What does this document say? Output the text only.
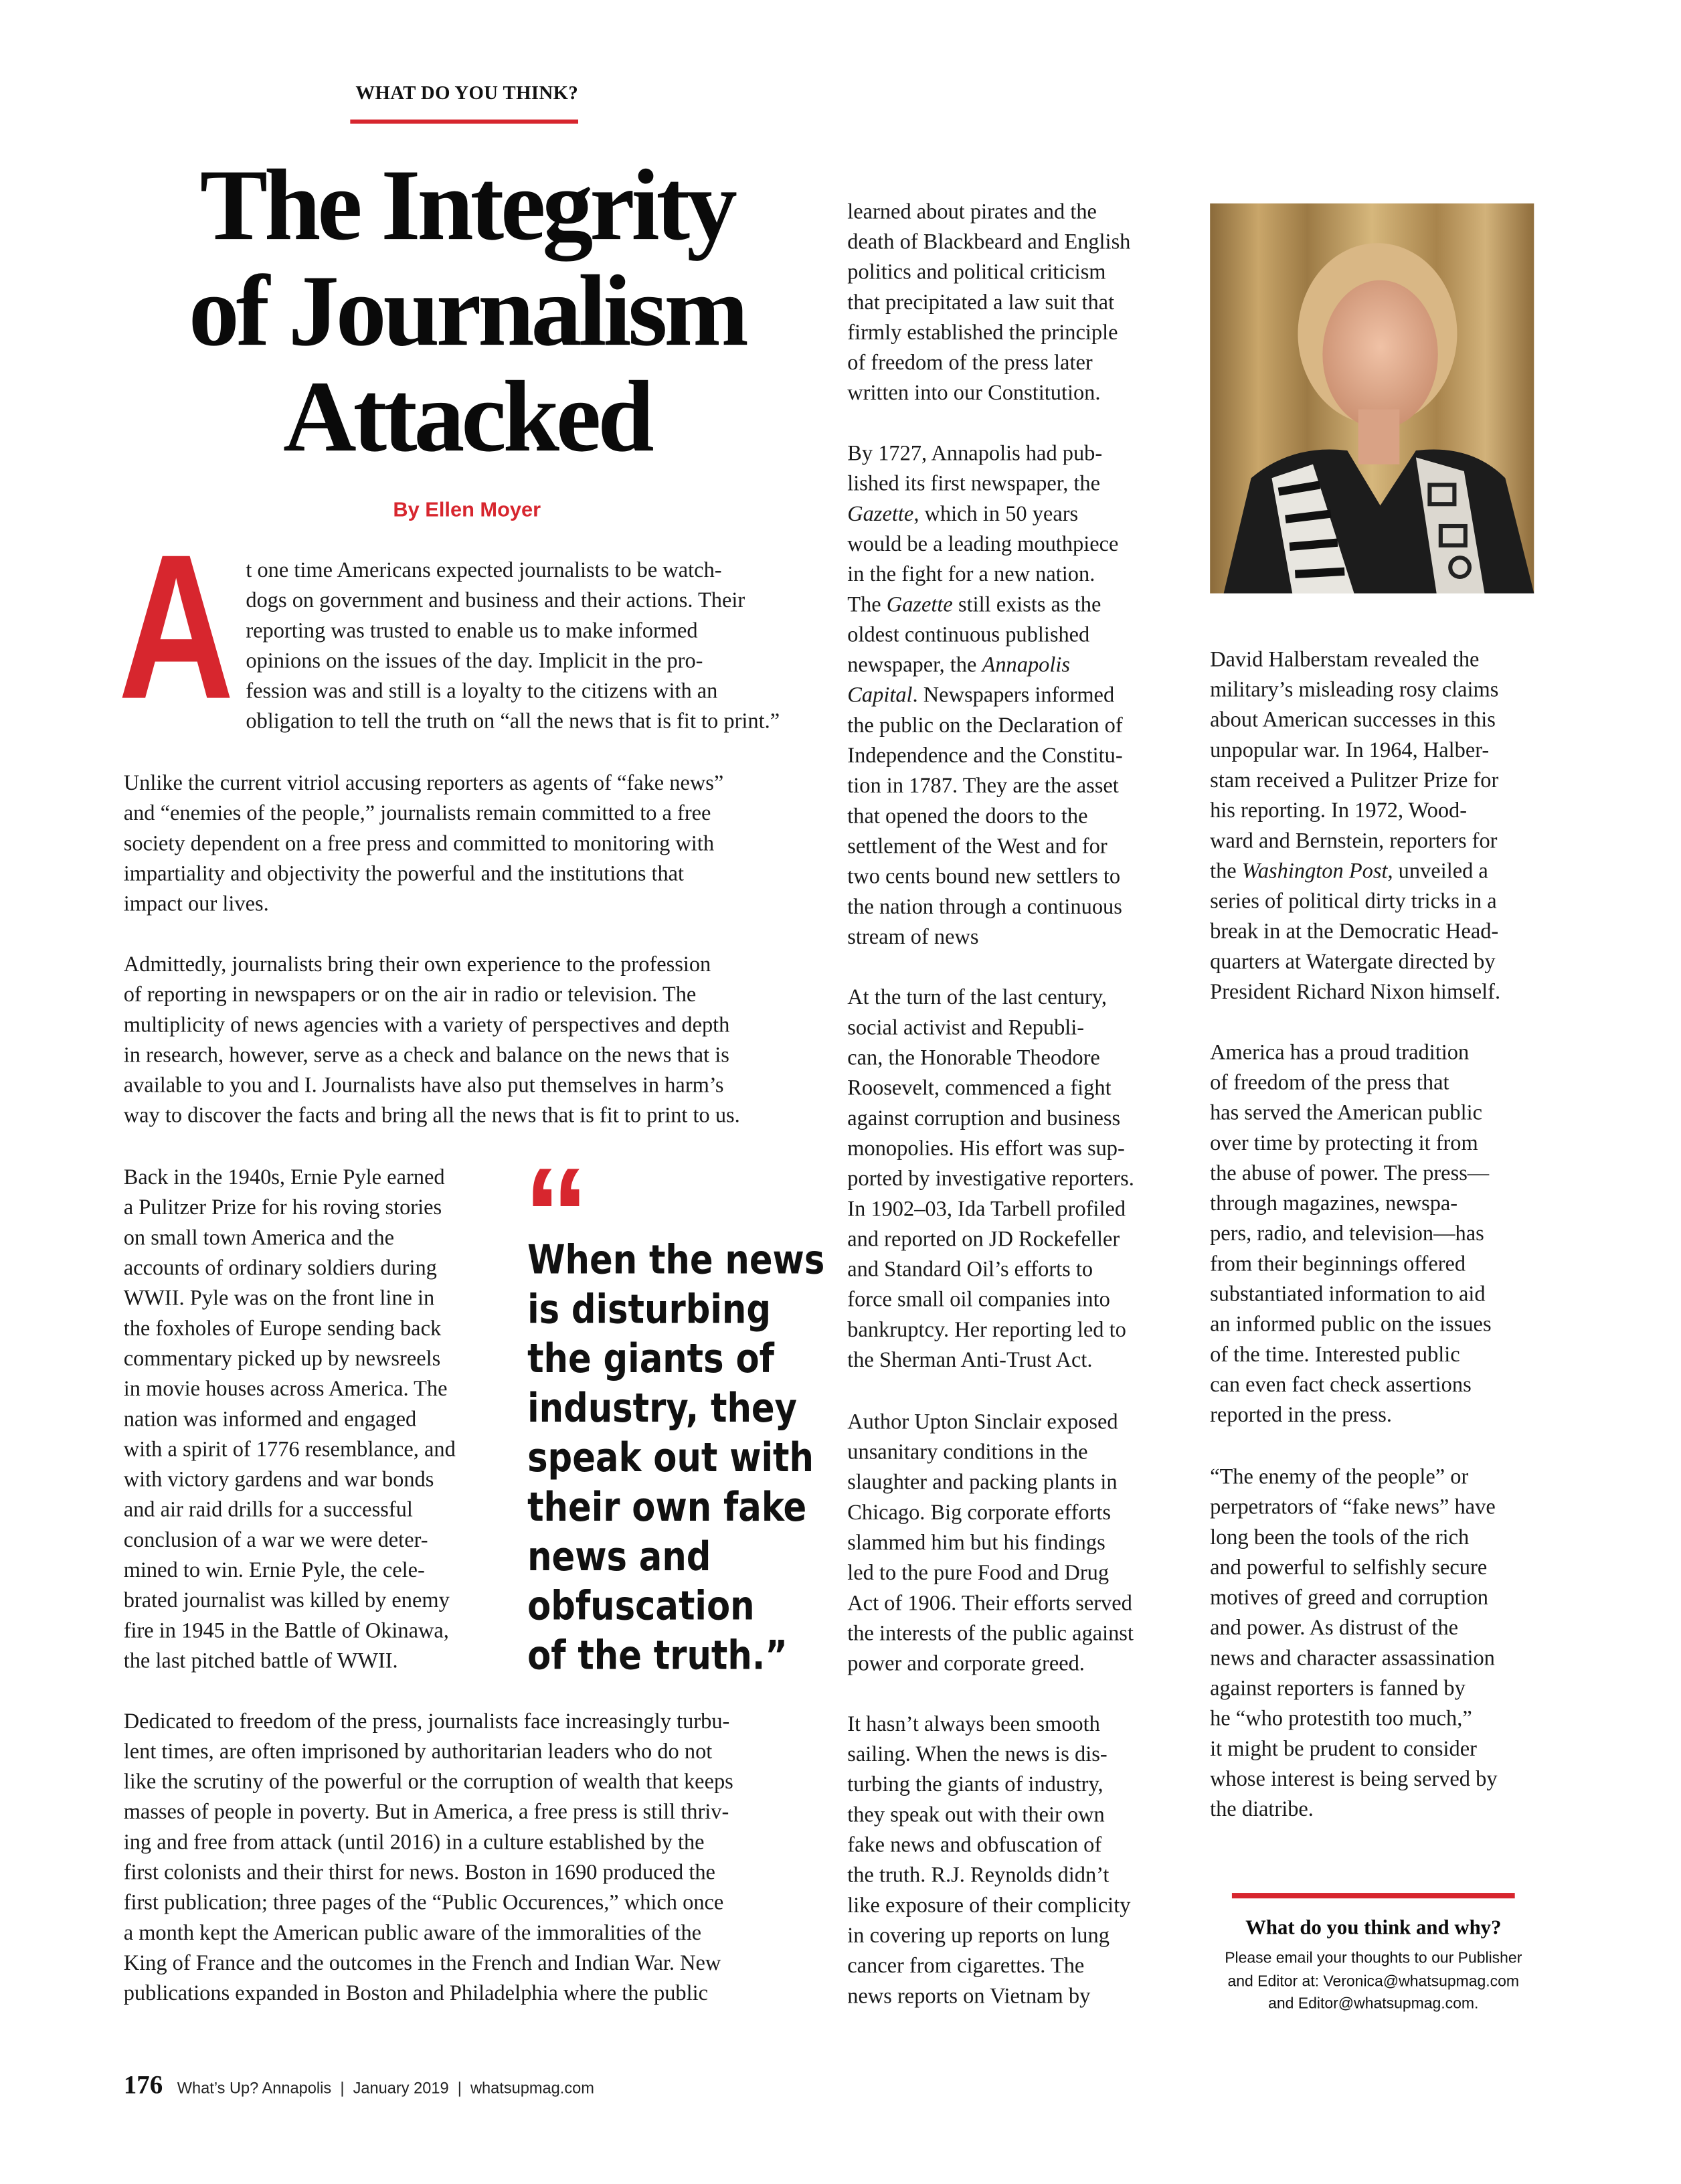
WHAT DO YOU THINK?
The Integrity
of Journalism
Attacked
By Ellen Moyer
A t one time Americans expected journalists to be watch-
dogs on government and business and their actions. Their
reporting was trusted to enable us to make informed
opinions on the issues of the day. Implicit in the pro-
fession was and still is a loyalty to the citizens with an
obligation to tell the truth on “all the news that is fit to print.”
Unlike the current vitriol accusing reporters as agents of “fake news”
and “enemies of the people,” journalists remain committed to a free
society dependent on a free press and committed to monitoring with
impartiality and objectivity the powerful and the institutions that
impact our lives.
Admittedly, journalists bring their own experience to the profession
of reporting in newspapers or on the air in radio or television. The
multiplicity of news agencies with a variety of perspectives and depth
in research, however, serve as a check and balance on the news that is
available to you and I. Journalists have also put themselves in harm’s
way to discover the facts and bring all the news that is fit to print to us.
Back in the 1940s, Ernie Pyle earned
a Pulitzer Prize for his roving stories
on small town America and the
accounts of ordinary soldiers during
WWII. Pyle was on the front line in
the foxholes of Europe sending back
commentary picked up by newsreels
in movie houses across America. The
nation was informed and engaged
with a spirit of 1776 resemblance, and
with victory gardens and war bonds
and air raid drills for a successful
conclusion of a war we were deter-
mined to win. Ernie Pyle, the cele-
brated journalist was killed by enemy
fire in 1945 in the Battle of Okinawa,
the last pitched battle of WWII.
Dedicated to freedom of the press, journalists face increasingly turbu-
lent times, are often imprisoned by authoritarian leaders who do not
like the scrutiny of the powerful or the corruption of wealth that keeps
masses of people in poverty. But in America, a free press is still thriv-
ing and free from attack (until 2016) in a culture established by the
first colonists and their thirst for news. Boston in 1690 produced the
first publication; three pages of the “Public Occurences,” which once
a month kept the American public aware of the immoralities of the
King of France and the outcomes in the French and Indian War. New
publications expanded in Boston and Philadelphia where the public
“
When the news
is disturbing
the giants of
industry, they
speak out with
their own fake
news and
obfuscation
of the truth.”
learned about pirates and the
death of Blackbeard and English
politics and political criticism
that precipitated a law suit that
firmly established the principle
of freedom of the press later
written into our Constitution.
By 1727, Annapolis had pub-
lished its first newspaper, the
Gazette, which in 50 years
would be a leading mouthpiece
in the fight for a new nation.
The Gazette still exists as the
oldest continuous published
newspaper, the Annapolis
Capital. Newspapers informed
the public on the Declaration of
Independence and the Constitu-
tion in 1787. They are the asset
that opened the doors to the
settlement of the West and for
two cents bound new settlers to
the nation through a continuous
stream of news
At the turn of the last century,
social activist and Republi-
can, the Honorable Theodore
Roosevelt, commenced a fight
against corruption and business
monopolies. His effort was sup-
ported by investigative reporters.
In 1902–03, Ida Tarbell profiled
and reported on JD Rockefeller
and Standard Oil’s efforts to
force small oil companies into
bankruptcy. Her reporting led to
the Sherman Anti-Trust Act.
Author Upton Sinclair exposed
unsanitary conditions in the
slaughter and packing plants in
Chicago. Big corporate efforts
slammed him but his findings
led to the pure Food and Drug
Act of 1906. Their efforts served
the interests of the public against
power and corporate greed.
It hasn’t always been smooth
sailing. When the news is dis-
turbing the giants of industry,
they speak out with their own
fake news and obfuscation of
the truth. R.J. Reynolds didn’t
like exposure of their complicity
in covering up reports on lung
cancer from cigarettes. The
news reports on Vietnam by
David Halberstam revealed the
military’s misleading rosy claims
about American successes in this
unpopular war. In 1964, Halber-
stam received a Pulitzer Prize for
his reporting. In 1972, Wood-
ward and Bernstein, reporters for
the Washington Post, unveiled a
series of political dirty tricks in a
break in at the Democratic Head-
quarters at Watergate directed by
President Richard Nixon himself.
America has a proud tradition
of freedom of the press that
has served the American public
over time by protecting it from
the abuse of power. The press—
through magazines, newspa-
pers, radio, and television—has
from their beginnings offered
substantiated information to aid
an informed public on the issues
of the time. Interested public
can even fact check assertions
reported in the press.
“The enemy of the people” or
perpetrators of “fake news” have
long been the tools of the rich
and powerful to selfishly secure
motives of greed and corruption
and power. As distrust of the
news and character assassination
against reporters is fanned by
he “who protestith too much,”
it might be prudent to consider
whose interest is being served by
the diatribe.
What do you think and why?
Please email your thoughts to our Publisher
and Editor at: Veronica@whatsupmag.com
and Editor@whatsupmag.com.
176 What’s Up? Annapolis  |  January 2019  |  whatsupmag.com
